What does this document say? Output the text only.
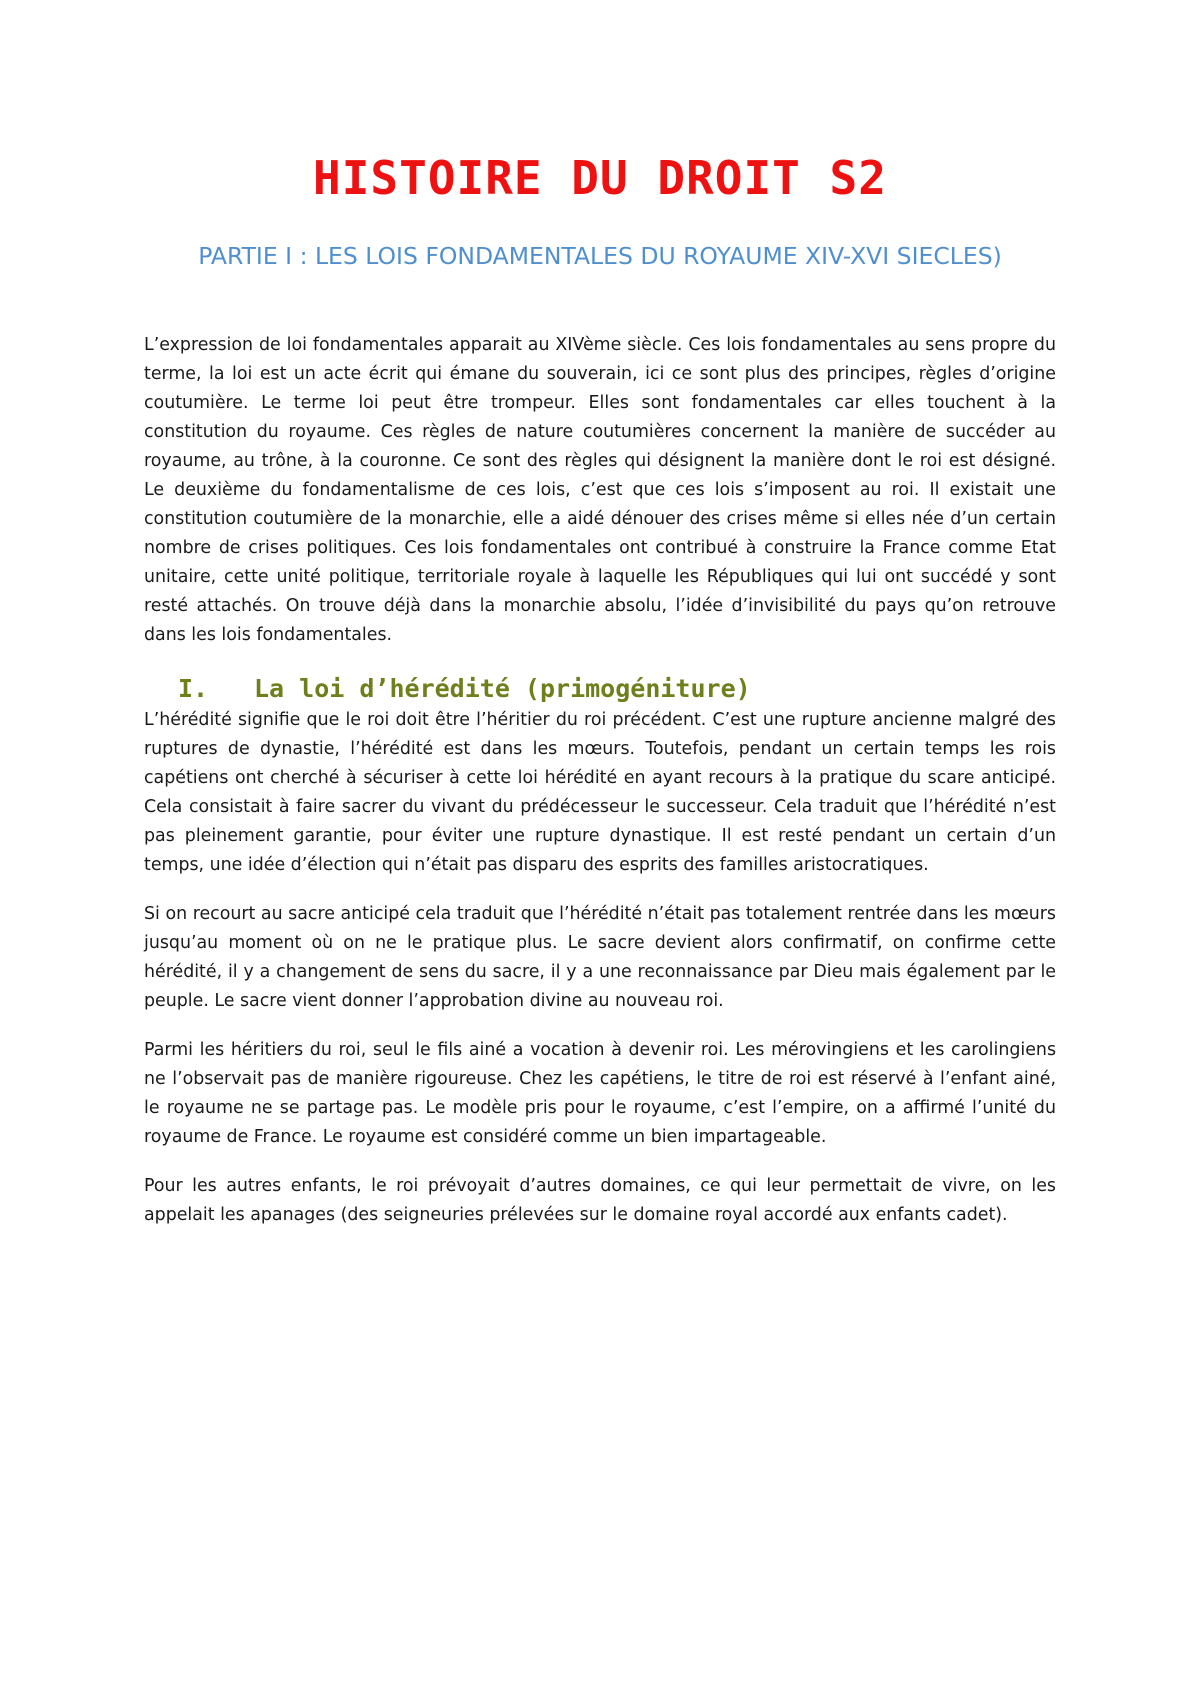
HISTOIRE DU DROIT S2
PARTIE I : LES LOIS FONDAMENTALES DU ROYAUME XIV-XVI SIECLES)

L’expression de loi fondamentales apparait au XIVème siècle. Ces lois fondamentales au sens propre du terme, la loi est un acte écrit qui émane du souverain, ici ce sont plus des principes, règles d’origine coutumière. Le terme loi peut être trompeur. Elles sont fondamentales car elles touchent à la constitution du royaume. Ces règles de nature coutumières concernent la manière de succéder au royaume, au trône, à la couronne. Ce sont des règles qui désignent la manière dont le roi est désigné. Le deuxième du fondamentalisme de ces lois, c’est que ces lois s’imposent au roi. Il existait une constitution coutumière de la monarchie, elle a aidé dénouer des crises même si elles née d’un certain nombre de crises politiques. Ces lois fondamentales ont contribué à construire la France comme Etat unitaire, cette unité politique, territoriale royale à laquelle les Républiques qui lui ont succédé y sont resté attachés. On trouve déjà dans la monarchie absolu, l’idée d’invisibilité du pays qu’on retrouve dans les lois fondamentales.

I. La loi d’hérédité (primogéniture)

L’hérédité signifie que le roi doit être l’héritier du roi précédent. C’est une rupture ancienne malgré des ruptures de dynastie, l’hérédité est dans les mœurs. Toutefois, pendant un certain temps les rois capétiens ont cherché à sécuriser à cette loi hérédité en ayant recours à la pratique du scare anticipé. Cela consistait à faire sacrer du vivant du prédécesseur le successeur. Cela traduit que l’hérédité n’est pas pleinement garantie, pour éviter une rupture dynastique. Il est resté pendant un certain d’un temps, une idée d’élection qui n’était pas disparu des esprits des familles aristocratiques.

Si on recourt au sacre anticipé cela traduit que l’hérédité n’était pas totalement rentrée dans les mœurs jusqu’au moment où on ne le pratique plus. Le sacre devient alors confirmatif, on confirme cette hérédité, il y a changement de sens du sacre, il y a une reconnaissance par Dieu mais également par le peuple. Le sacre vient donner l’approbation divine au nouveau roi.

Parmi les héritiers du roi, seul le fils ainé a vocation à devenir roi. Les mérovingiens et les carolingiens ne l’observait pas de manière rigoureuse. Chez les capétiens, le titre de roi est réservé à l’enfant ainé, le royaume ne se partage pas. Le modèle pris pour le royaume, c’est l’empire, on a affirmé l’unité du royaume de France. Le royaume est considéré comme un bien impartageable.

Pour les autres enfants, le roi prévoyait d’autres domaines, ce qui leur permettait de vivre, on les appelait les apanages (des seigneuries prélevées sur le domaine royal accordé aux enfants cadet).
